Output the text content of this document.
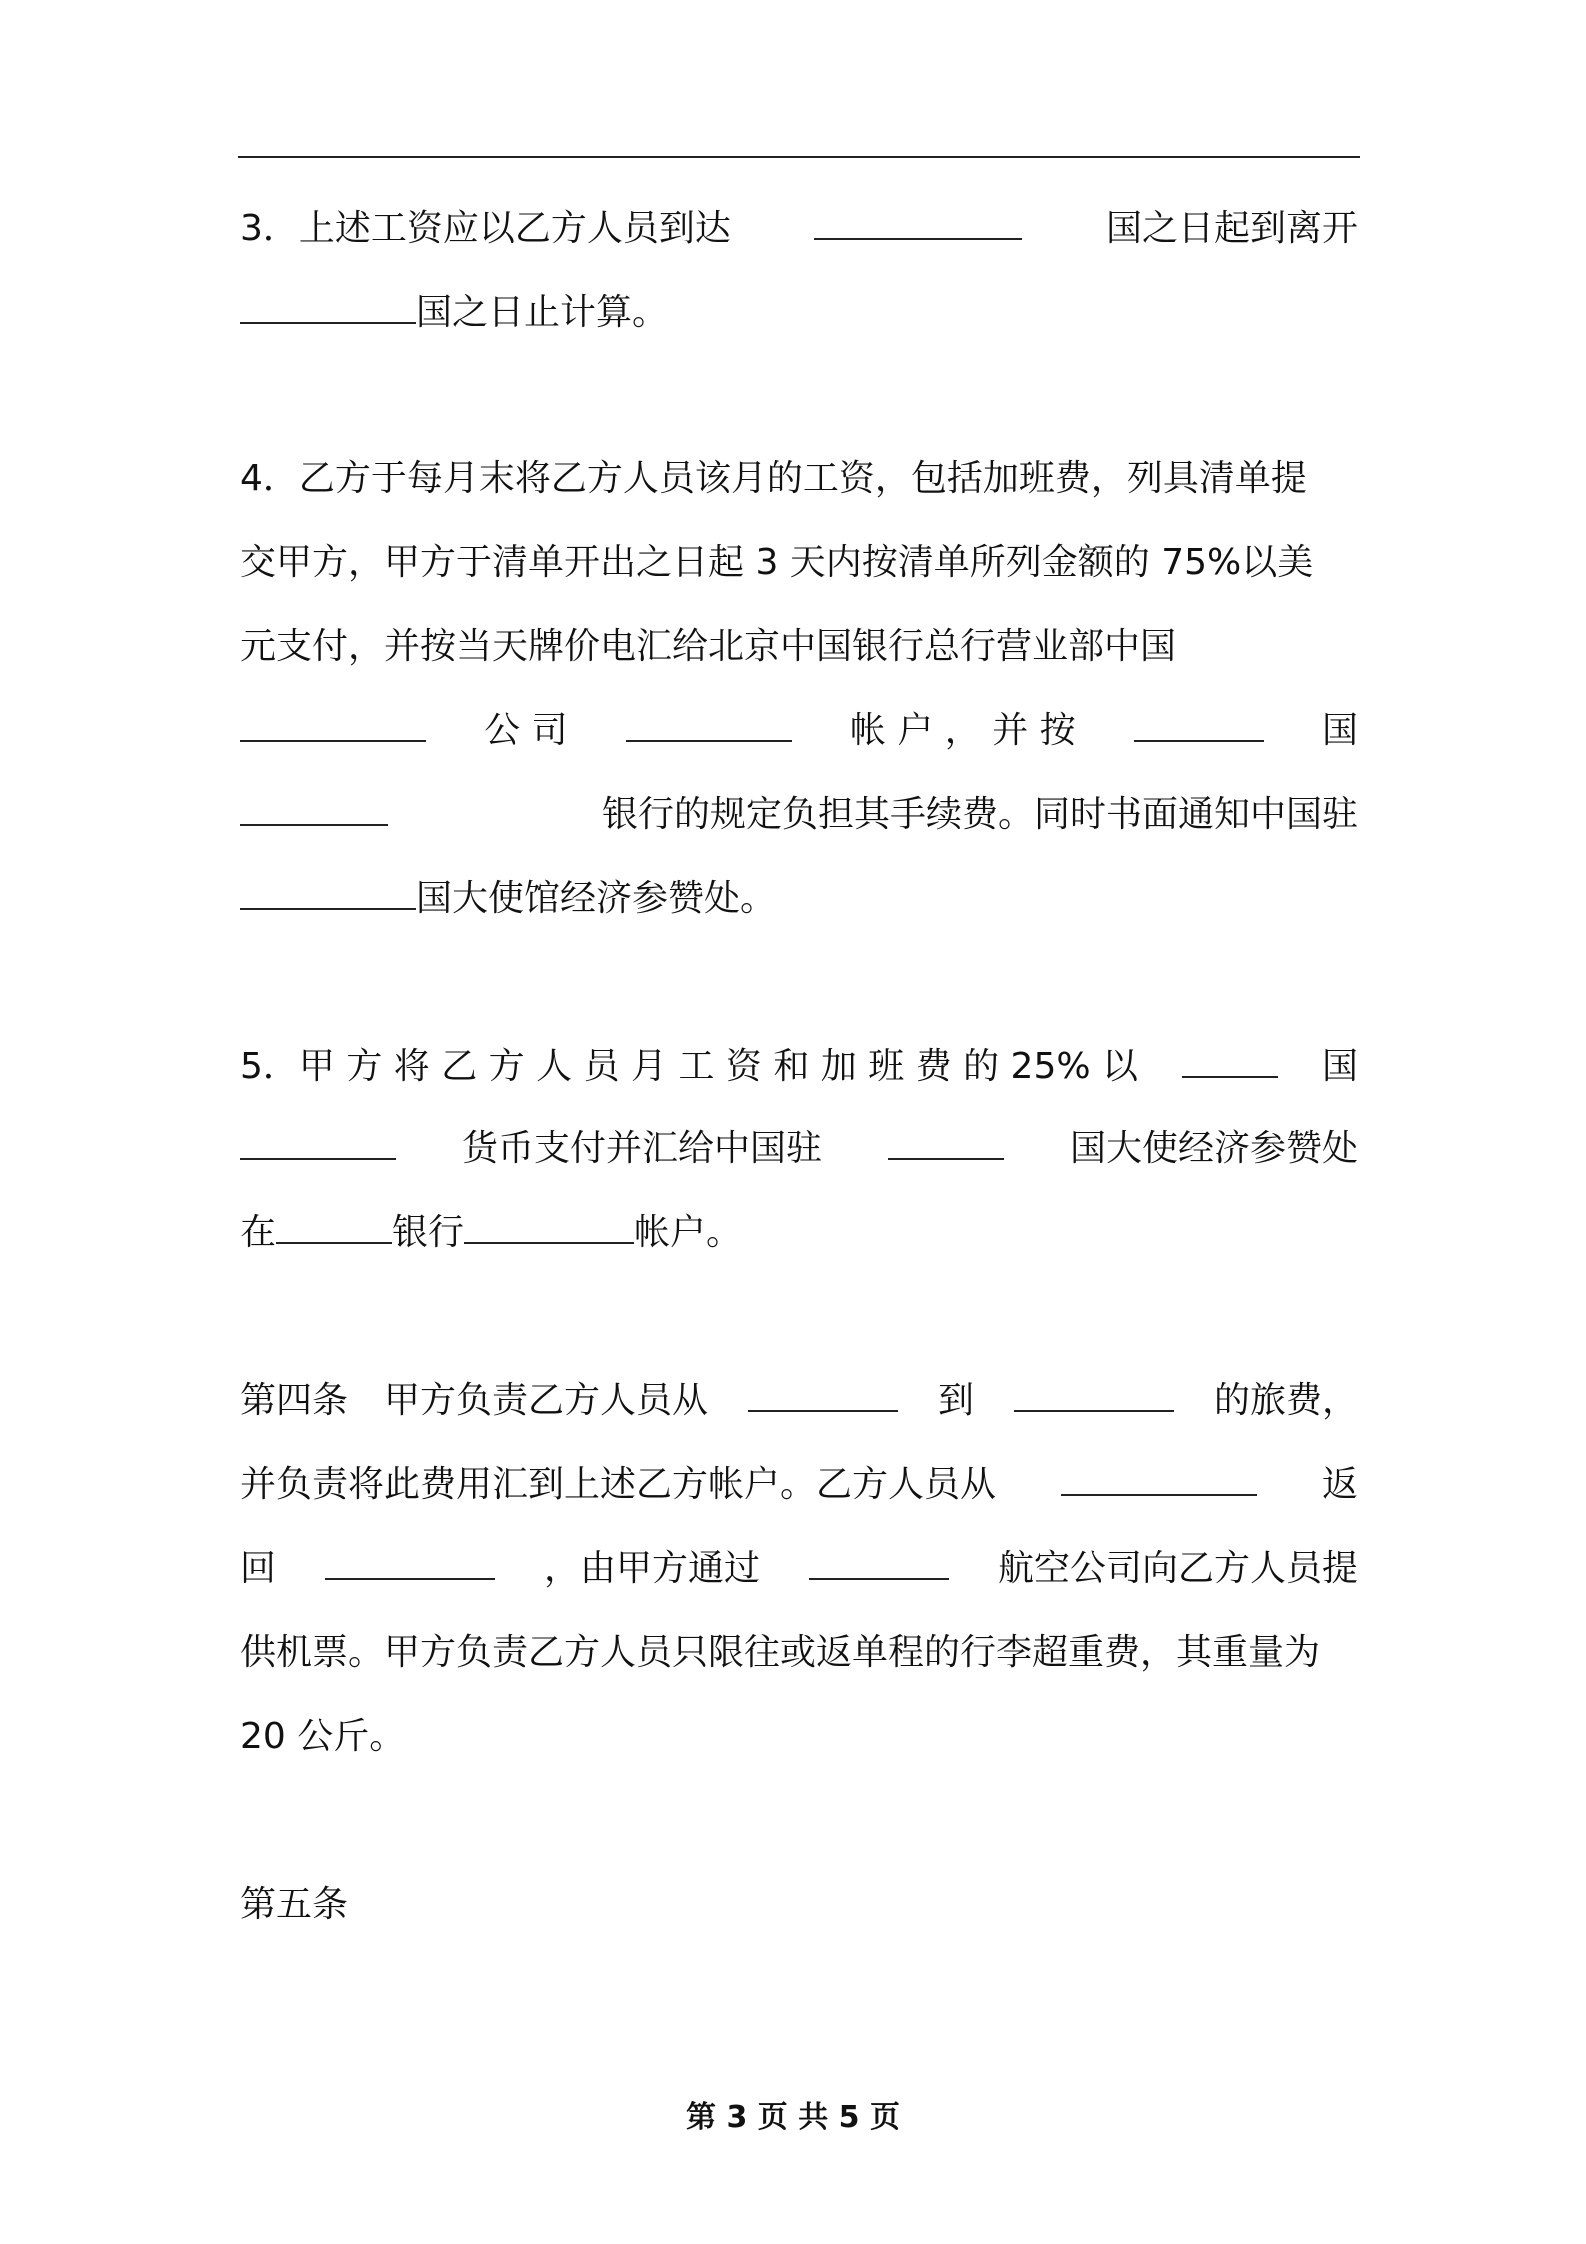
3．上述工资应以乙方人员到达	国之日起到离开
国之日止计算。
4．乙方于每月末将乙方人员该月的工资，包括加班费，列具清单提
交甲方，甲方于清单开出之日起 3 天内按清单所列金额的 75%以美
元支付，并按当天牌价电汇给北京中国银行总行营业部中国
公 司	帐 户 ， 并 按	国
银行的规定负担其手续费。同时书面通知中国驻
国大使馆经济参赞处。
5．甲 方 将 乙 方 人 员 月 工 资 和 加 班 费 的 25% 以	国
货币支付并汇给中国驻	国大使经济参赞处
在	银行	帐户。
第四条　甲方负责乙方人员从	到	的旅费，
并负责将此费用汇到上述乙方帐户。乙方人员从	返
回	，由甲方通过	航空公司向乙方人员提
供机票。甲方负责乙方人员只限往或返单程的行李超重费，其重量为
20 公斤。
第五条
第 3 页 共 5 页
